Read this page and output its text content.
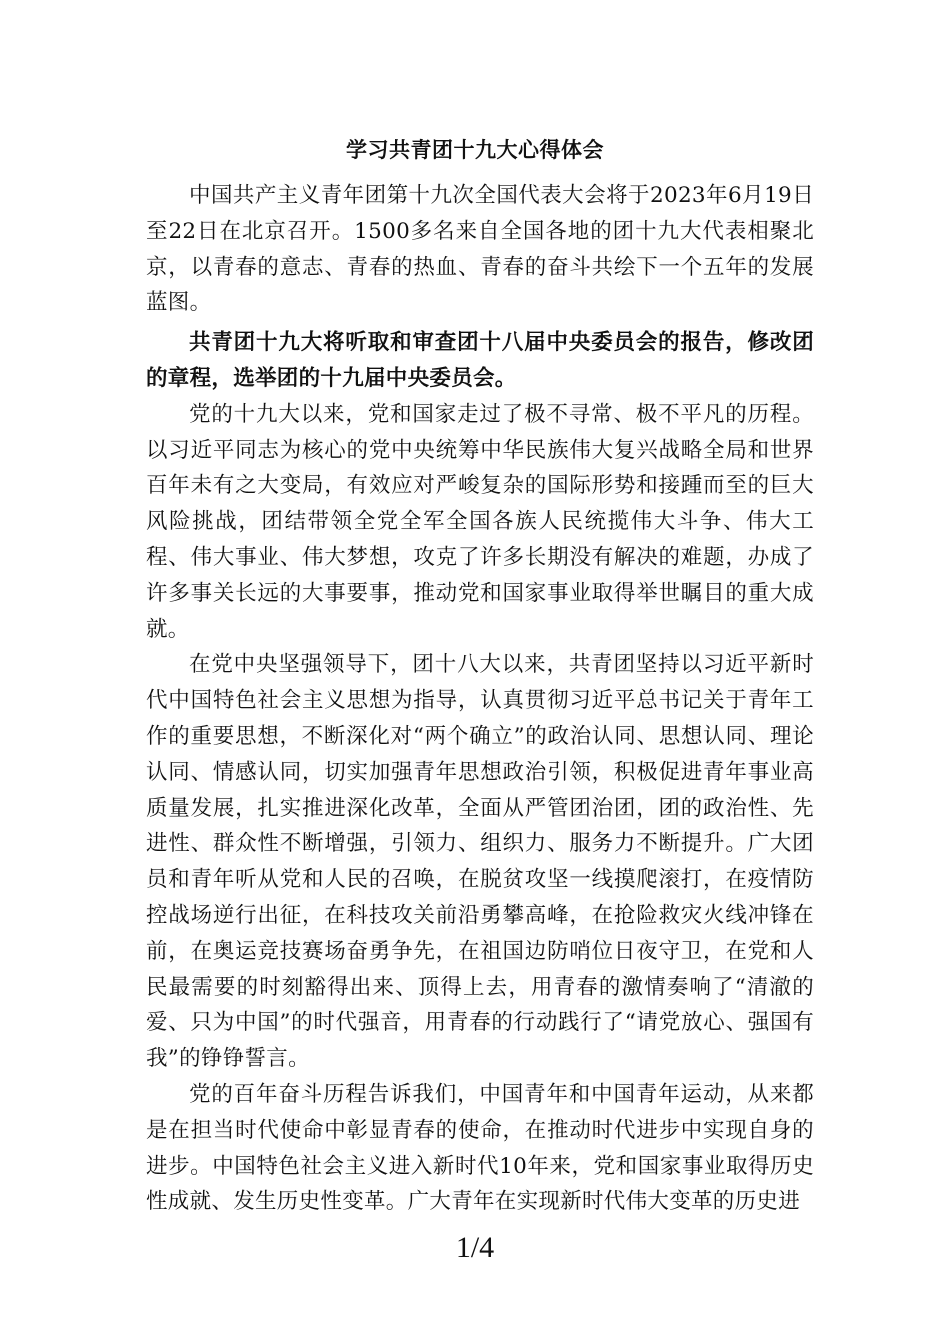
学习共青团十九大心得体会

中国共产主义青年团第十九次全国代表大会将于2023年6月19日至22日在北京召开。1500多名来自全国各地的团十九大代表相聚北京，以青春的意志、青春的热血、青春的奋斗共绘下一个五年的发展蓝图。

共青团十九大将听取和审查团十八届中央委员会的报告，修改团的章程，选举团的十九届中央委员会。

党的十九大以来，党和国家走过了极不寻常、极不平凡的历程。以习近平同志为核心的党中央统筹中华民族伟大复兴战略全局和世界百年未有之大变局，有效应对严峻复杂的国际形势和接踵而至的巨大风险挑战，团结带领全党全军全国各族人民统揽伟大斗争、伟大工程、伟大事业、伟大梦想，攻克了许多长期没有解决的难题，办成了许多事关长远的大事要事，推动党和国家事业取得举世瞩目的重大成就。

在党中央坚强领导下，团十八大以来，共青团坚持以习近平新时代中国特色社会主义思想为指导，认真贯彻习近平总书记关于青年工作的重要思想，不断深化对“两个确立”的政治认同、思想认同、理论认同、情感认同，切实加强青年思想政治引领，积极促进青年事业高质量发展，扎实推进深化改革，全面从严管团治团，团的政治性、先进性、群众性不断增强，引领力、组织力、服务力不断提升。广大团员和青年听从党和人民的召唤，在脱贫攻坚一线摸爬滚打，在疫情防控战场逆行出征，在科技攻关前沿勇攀高峰，在抢险救灾火线冲锋在前，在奥运竞技赛场奋勇争先，在祖国边防哨位日夜守卫，在党和人民最需要的时刻豁得出来、顶得上去，用青春的激情奏响了“清澈的爱、只为中国”的时代强音，用青春的行动践行了“请党放心、强国有我”的铮铮誓言。

党的百年奋斗历程告诉我们，中国青年和中国青年运动，从来都是在担当时代使命中彰显青春的使命，在推动时代进步中实现自身的进步。中国特色社会主义进入新时代10年来，党和国家事业取得历史性成就、发生历史性变革。广大青年在实现新时代伟大变革的历史进

1/4
